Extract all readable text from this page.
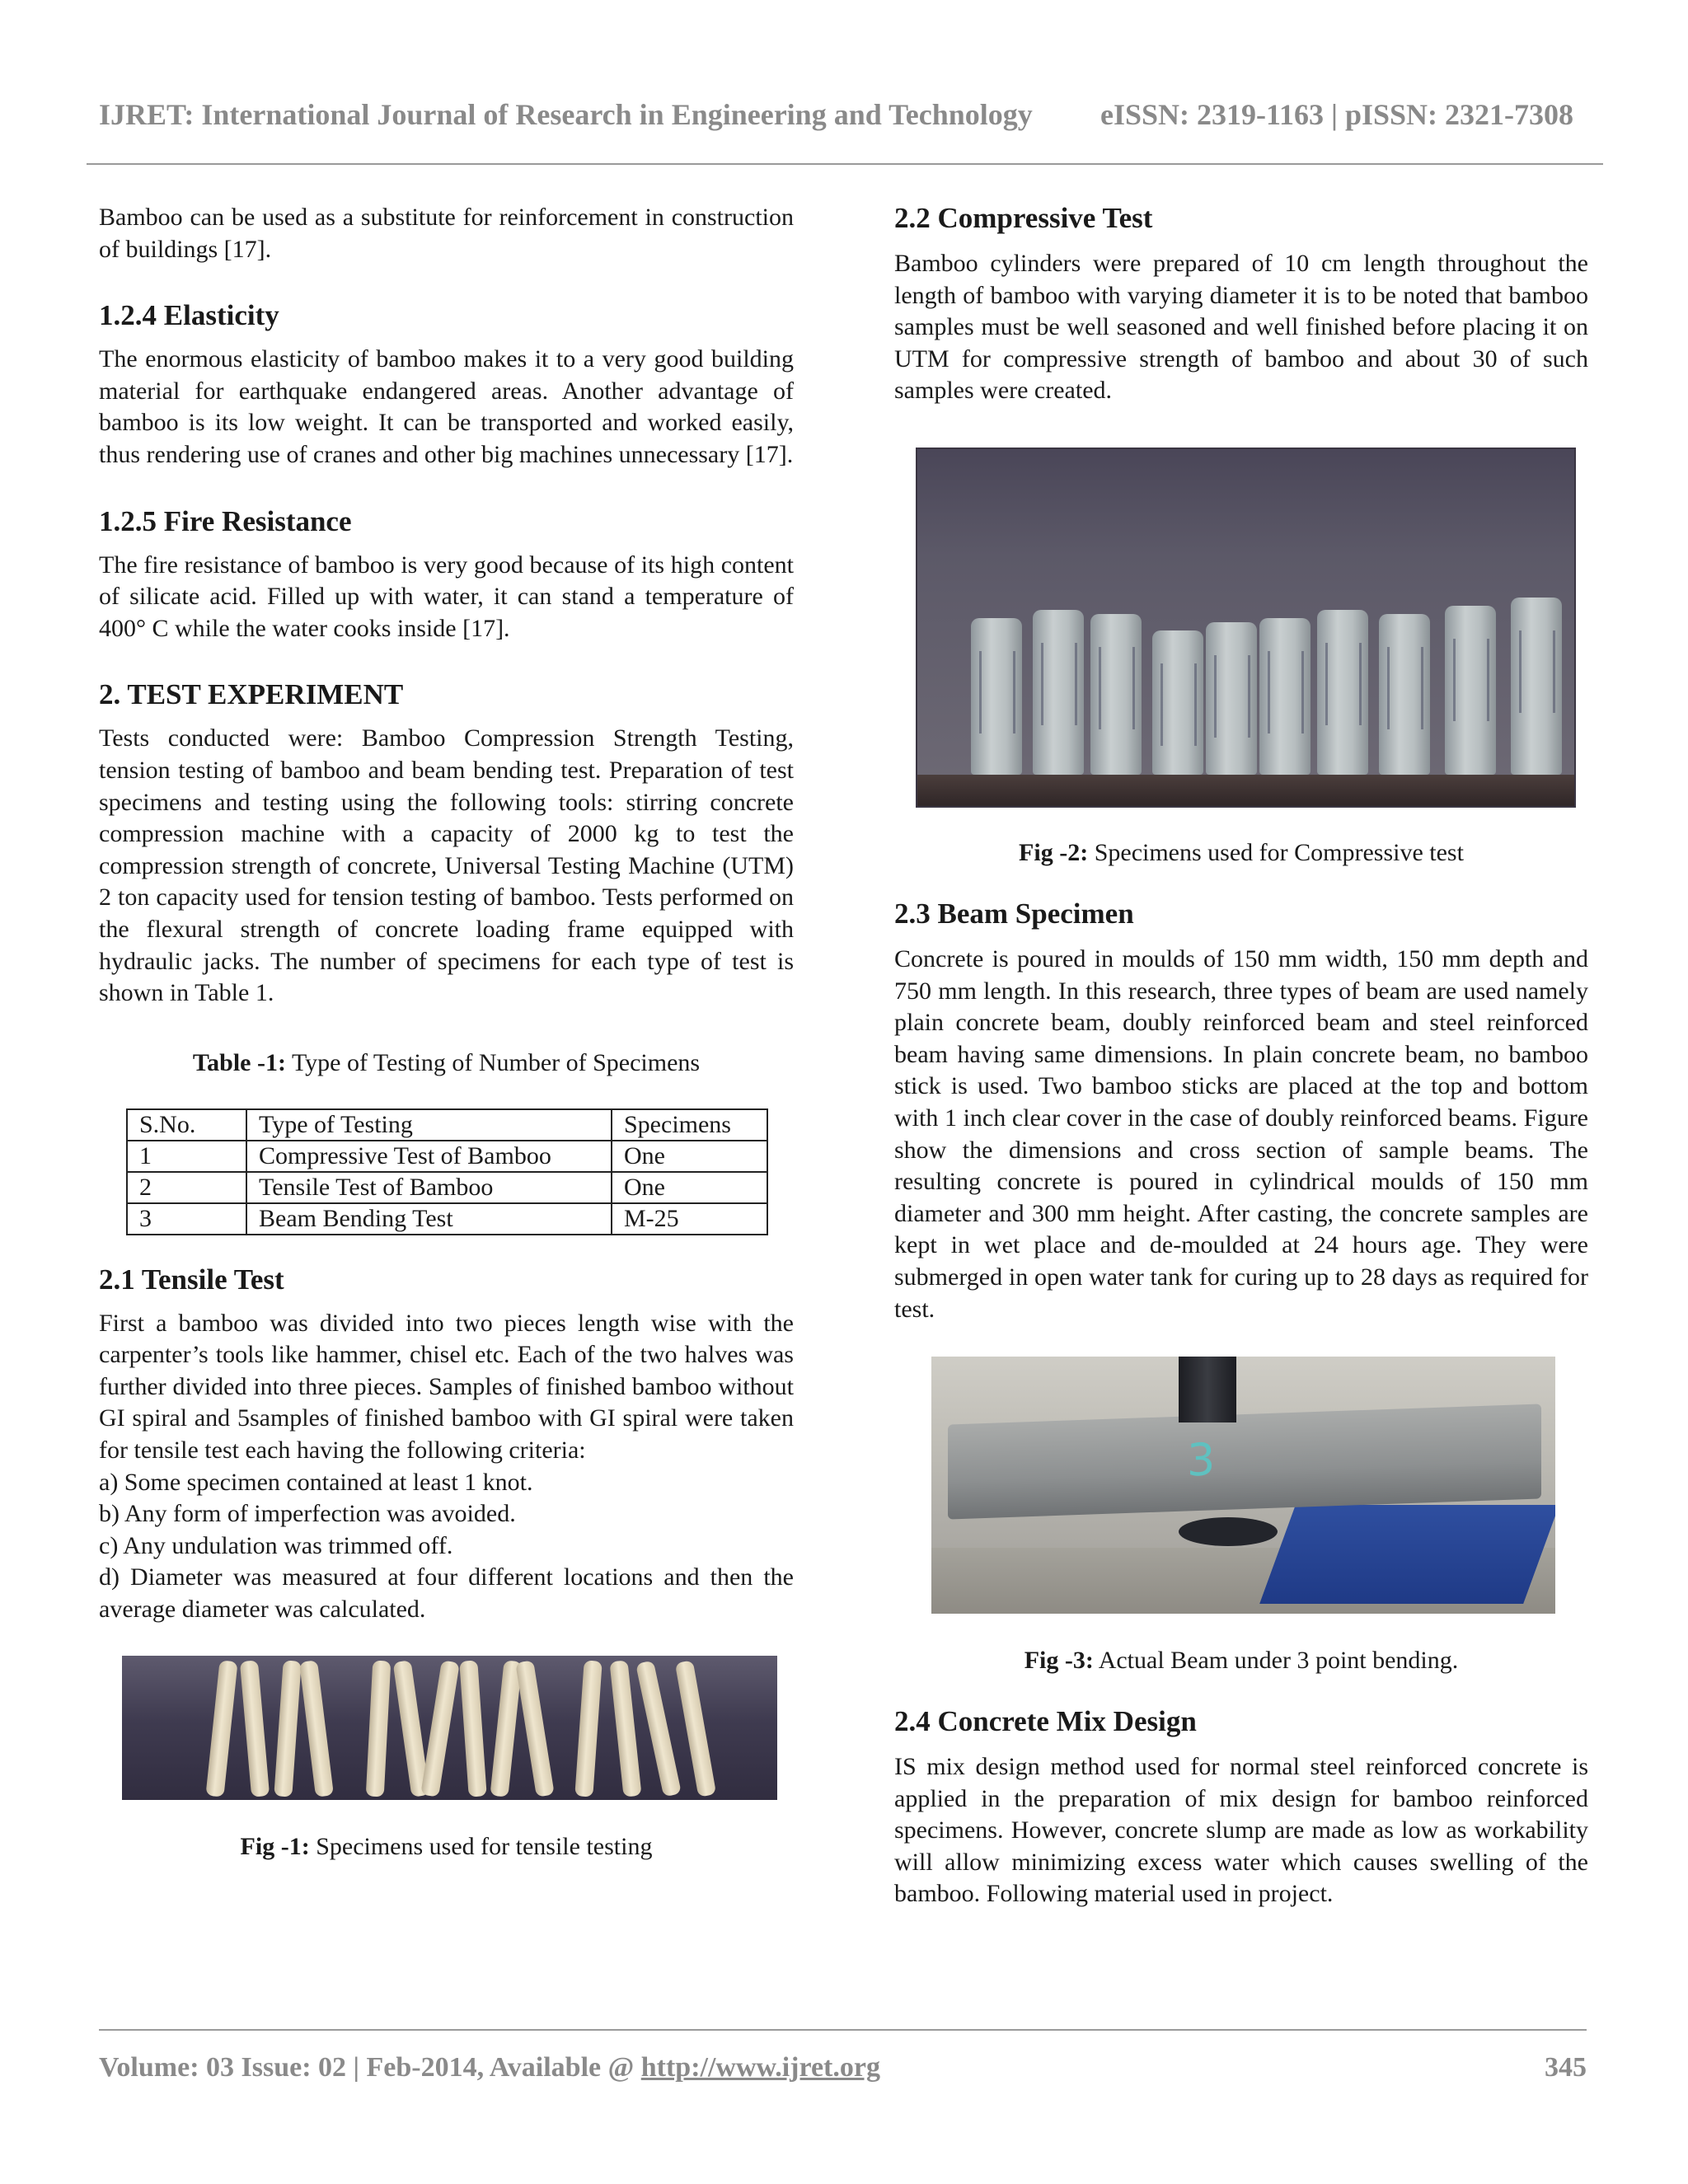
IJRET: International Journal of Research in Engineering and Technology eISSN: 2319-1163 | pISSN: 2321-7308

Bamboo can be used as a substitute for reinforcement in construction of buildings [17].

1.2.4 Elasticity

The enormous elasticity of bamboo makes it to a very good building material for earthquake endangered areas. Another advantage of bamboo is its low weight. It can be transported and worked easily, thus rendering use of cranes and other big machines unnecessary [17].

1.2.5 Fire Resistance

The fire resistance of bamboo is very good because of its high content of silicate acid. Filled up with water, it can stand a temperature of 400° C while the water cooks inside [17].

2. TEST EXPERIMENT

Tests conducted were: Bamboo Compression Strength Testing, tension testing of bamboo and beam bending test. Preparation of test specimens and testing using the following tools: stirring concrete compression machine with a capacity of 2000 kg to test the compression strength of concrete, Universal Testing Machine (UTM) 2 ton capacity used for tension testing of bamboo. Tests performed on the flexural strength of concrete loading frame equipped with hydraulic jacks. The number of specimens for each type of test is shown in Table 1.

Table -1: Type of Testing of Number of Specimens
S.No.	Type of Testing	Specimens
1	Compressive Test of Bamboo	One
2	Tensile Test of Bamboo	One
3	Beam Bending Test	M-25
2.1 Tensile Test

First a bamboo was divided into two pieces length wise with the carpenter’s tools like hammer, chisel etc. Each of the two halves was further divided into three pieces. Samples of finished bamboo without GI spiral and 5samples of finished bamboo with GI spiral were taken for tensile test each having the following criteria:

a) Some specimen contained at least 1 knot.

b) Any form of imperfection was avoided.

c) Any undulation was trimmed off.

d) Diameter was measured at four different locations and then the average diameter was calculated.

Fig -1: Specimens used for tensile testing
2.2 Compressive Test

Bamboo cylinders were prepared of 10 cm length throughout the length of bamboo with varying diameter it is to be noted that bamboo samples must be well seasoned and well finished before placing it on UTM for compressive strength of bamboo and about 30 of such samples were created.

Fig -2: Specimens used for Compressive test
2.3 Beam Specimen

Concrete is poured in moulds of 150 mm width, 150 mm depth and 750 mm length. In this research, three types of beam are used namely plain concrete beam, doubly reinforced beam and steel reinforced beam having same dimensions. In plain concrete beam, no bamboo stick is used. Two bamboo sticks are placed at the top and bottom with 1 inch clear cover in the case of doubly reinforced beams. Figure show the dimensions and cross section of sample beams. The resulting concrete is poured in cylindrical moulds of 150 mm diameter and 300 mm height. After casting, the concrete samples are kept in wet place and de-moulded at 24 hours age. They were submerged in open water tank for curing up to 28 days as required for test.

3
Fig -3: Actual Beam under 3 point bending.
2.4 Concrete Mix Design

IS mix design method used for normal steel reinforced concrete is applied in the preparation of mix design for bamboo reinforced specimens. However, concrete slump are made as low as workability will allow minimizing excess water which causes swelling of the bamboo. Following material used in project.

Volume: 03 Issue: 02 | Feb-2014, Available @ http://www.ijret.org	345
